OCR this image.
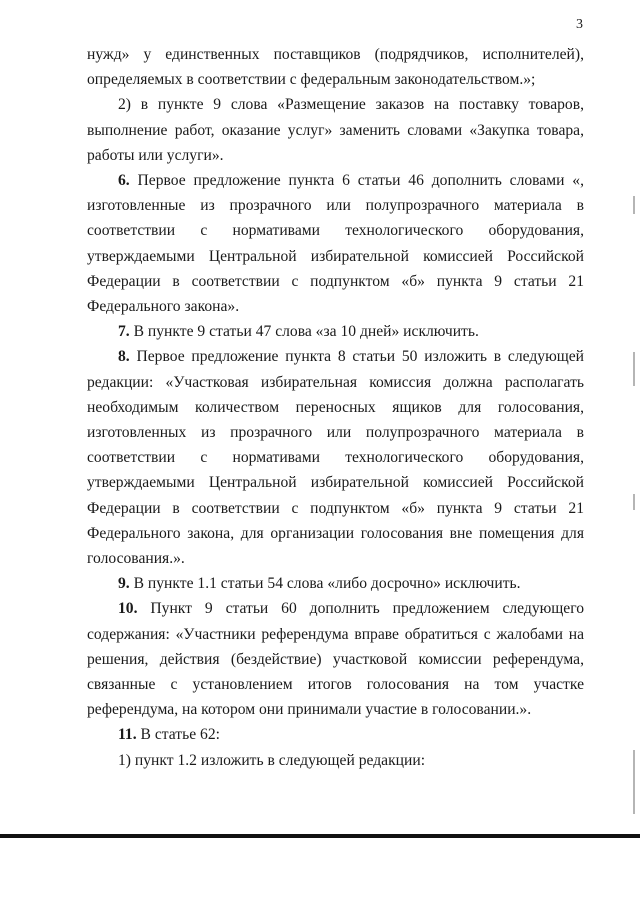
3

нужд» у единственных поставщиков (подрядчиков, исполнителей), определяемых в соответствии с федеральным законодательством.»;

2) в пункте 9 слова «Размещение заказов на поставку товаров, выполнение работ, оказание услуг» заменить словами «Закупка товара, работы или услуги».

6. Первое предложение пункта 6 статьи 46 дополнить словами «, изготовленные из прозрачного или полупрозрачного материала в соответствии с нормативами технологического оборудования, утверждаемыми Центральной избирательной комиссией Российской Федерации в соответствии с подпунктом «б» пункта 9 статьи 21 Федерального закона».

7. В пункте 9 статьи 47 слова «за 10 дней» исключить.

8. Первое предложение пункта 8 статьи 50 изложить в следующей редакции: «Участковая избирательная комиссия должна располагать необходимым количеством переносных ящиков для голосования, изготовленных из прозрачного или полупрозрачного материала в соответствии с нормативами технологического оборудования, утверждаемыми Центральной избирательной комиссией Российской Федерации в соответствии с подпунктом «б» пункта 9 статьи 21 Федерального закона, для организации голосования вне помещения для голосования.».

9. В пункте 1.1 статьи 54 слова «либо досрочно» исключить.

10. Пункт 9 статьи 60 дополнить предложением следующего содержания: «Участники референдума вправе обратиться с жалобами на решения, действия (бездействие) участковой комиссии референдума, связанные с установлением итогов голосования на том участке референдума, на котором они принимали участие в голосовании.».

11. В статье 62:

1) пункт 1.2 изложить в следующей редакции:
